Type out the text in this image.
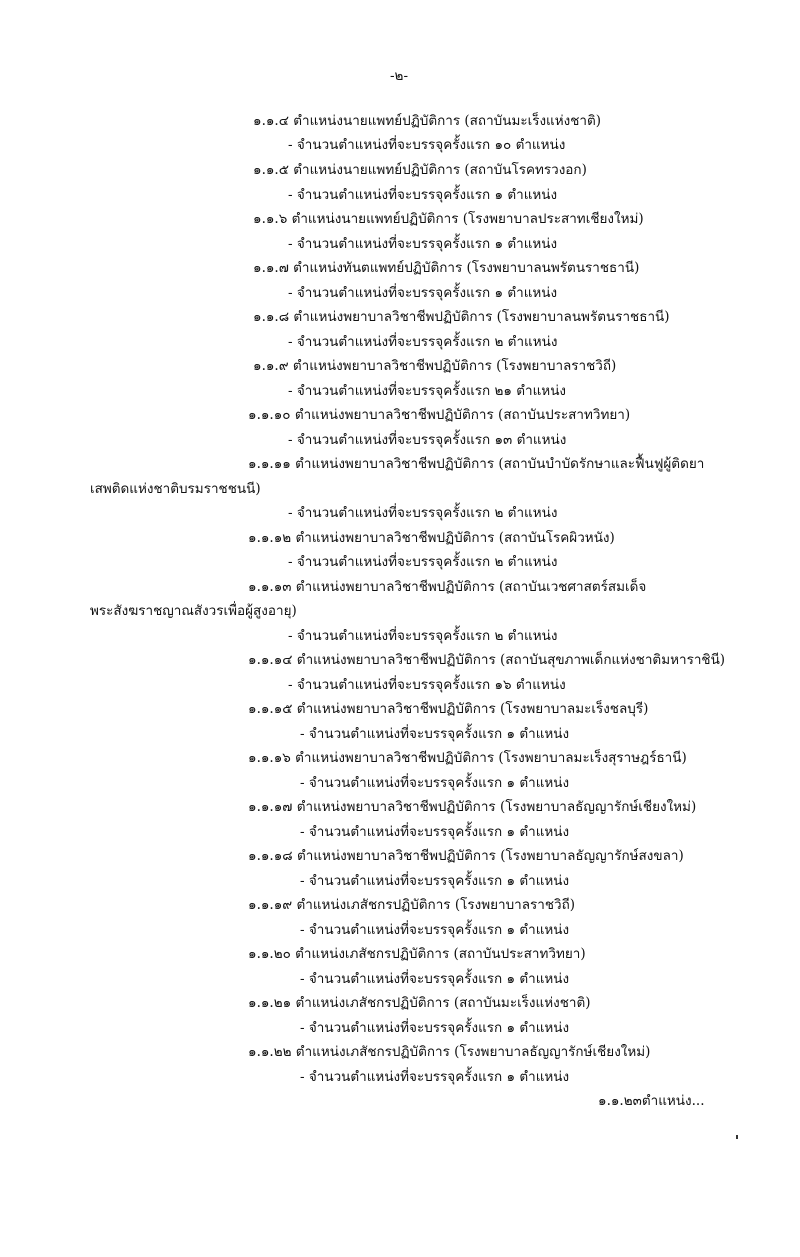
-๒-
๑.๑.๔ ตำแหน่งนายแพทย์ปฏิบัติการ (สถาบันมะเร็งแห่งชาติ)
- จำนวนตำแหน่งที่จะบรรจุครั้งแรก ๑๐ ตำแหน่ง
๑.๑.๕ ตำแหน่งนายแพทย์ปฏิบัติการ (สถาบันโรคทรวงอก)
- จำนวนตำแหน่งที่จะบรรจุครั้งแรก ๑ ตำแหน่ง
๑.๑.๖ ตำแหน่งนายแพทย์ปฏิบัติการ (โรงพยาบาลประสาทเชียงใหม่)
- จำนวนตำแหน่งที่จะบรรจุครั้งแรก ๑ ตำแหน่ง
๑.๑.๗ ตำแหน่งทันตแพทย์ปฏิบัติการ (โรงพยาบาลนพรัตนราชธานี)
- จำนวนตำแหน่งที่จะบรรจุครั้งแรก ๑ ตำแหน่ง
๑.๑.๘ ตำแหน่งพยาบาลวิชาชีพปฏิบัติการ (โรงพยาบาลนพรัตนราชธานี)
- จำนวนตำแหน่งที่จะบรรจุครั้งแรก ๒ ตำแหน่ง
๑.๑.๙ ตำแหน่งพยาบาลวิชาชีพปฏิบัติการ (โรงพยาบาลราชวิถี)
- จำนวนตำแหน่งที่จะบรรจุครั้งแรก ๒๑ ตำแหน่ง
๑.๑.๑๐ ตำแหน่งพยาบาลวิชาชีพปฏิบัติการ (สถาบันประสาทวิทยา)
- จำนวนตำแหน่งที่จะบรรจุครั้งแรก ๑๓ ตำแหน่ง
๑.๑.๑๑ ตำแหน่งพยาบาลวิชาชีพปฏิบัติการ (สถาบันบำบัดรักษาและฟื้นฟูผู้ติดยา
เสพติดแห่งชาติบรมราชชนนี)
- จำนวนตำแหน่งที่จะบรรจุครั้งแรก ๒ ตำแหน่ง
๑.๑.๑๒ ตำแหน่งพยาบาลวิชาชีพปฏิบัติการ (สถาบันโรคผิวหนัง)
- จำนวนตำแหน่งที่จะบรรจุครั้งแรก ๒ ตำแหน่ง
๑.๑.๑๓ ตำแหน่งพยาบาลวิชาชีพปฏิบัติการ (สถาบันเวชศาสตร์สมเด็จ
พระสังฆราชญาณสังวรเพื่อผู้สูงอายุ)
- จำนวนตำแหน่งที่จะบรรจุครั้งแรก ๒ ตำแหน่ง
๑.๑.๑๔ ตำแหน่งพยาบาลวิชาชีพปฏิบัติการ (สถาบันสุขภาพเด็กแห่งชาติมหาราชินี)
- จำนวนตำแหน่งที่จะบรรจุครั้งแรก ๑๖ ตำแหน่ง
๑.๑.๑๕ ตำแหน่งพยาบาลวิชาชีพปฏิบัติการ (โรงพยาบาลมะเร็งชลบุรี)
- จำนวนตำแหน่งที่จะบรรจุครั้งแรก ๑ ตำแหน่ง
๑.๑.๑๖ ตำแหน่งพยาบาลวิชาชีพปฏิบัติการ (โรงพยาบาลมะเร็งสุราษฎร์ธานี)
- จำนวนตำแหน่งที่จะบรรจุครั้งแรก ๑ ตำแหน่ง
๑.๑.๑๗ ตำแหน่งพยาบาลวิชาชีพปฏิบัติการ (โรงพยาบาลธัญญารักษ์เชียงใหม่)
- จำนวนตำแหน่งที่จะบรรจุครั้งแรก ๑ ตำแหน่ง
๑.๑.๑๘ ตำแหน่งพยาบาลวิชาชีพปฏิบัติการ (โรงพยาบาลธัญญารักษ์สงขลา)
- จำนวนตำแหน่งที่จะบรรจุครั้งแรก ๑ ตำแหน่ง
๑.๑.๑๙ ตำแหน่งเภสัชกรปฏิบัติการ (โรงพยาบาลราชวิถี)
- จำนวนตำแหน่งที่จะบรรจุครั้งแรก ๑ ตำแหน่ง
๑.๑.๒๐ ตำแหน่งเภสัชกรปฏิบัติการ (สถาบันประสาทวิทยา)
- จำนวนตำแหน่งที่จะบรรจุครั้งแรก ๑ ตำแหน่ง
๑.๑.๒๑ ตำแหน่งเภสัชกรปฏิบัติการ (สถาบันมะเร็งแห่งชาติ)
- จำนวนตำแหน่งที่จะบรรจุครั้งแรก ๑ ตำแหน่ง
๑.๑.๒๒ ตำแหน่งเภสัชกรปฏิบัติการ (โรงพยาบาลธัญญารักษ์เชียงใหม่)
- จำนวนตำแหน่งที่จะบรรจุครั้งแรก ๑ ตำแหน่ง
๑.๑.๒๓ตำแหน่ง...
